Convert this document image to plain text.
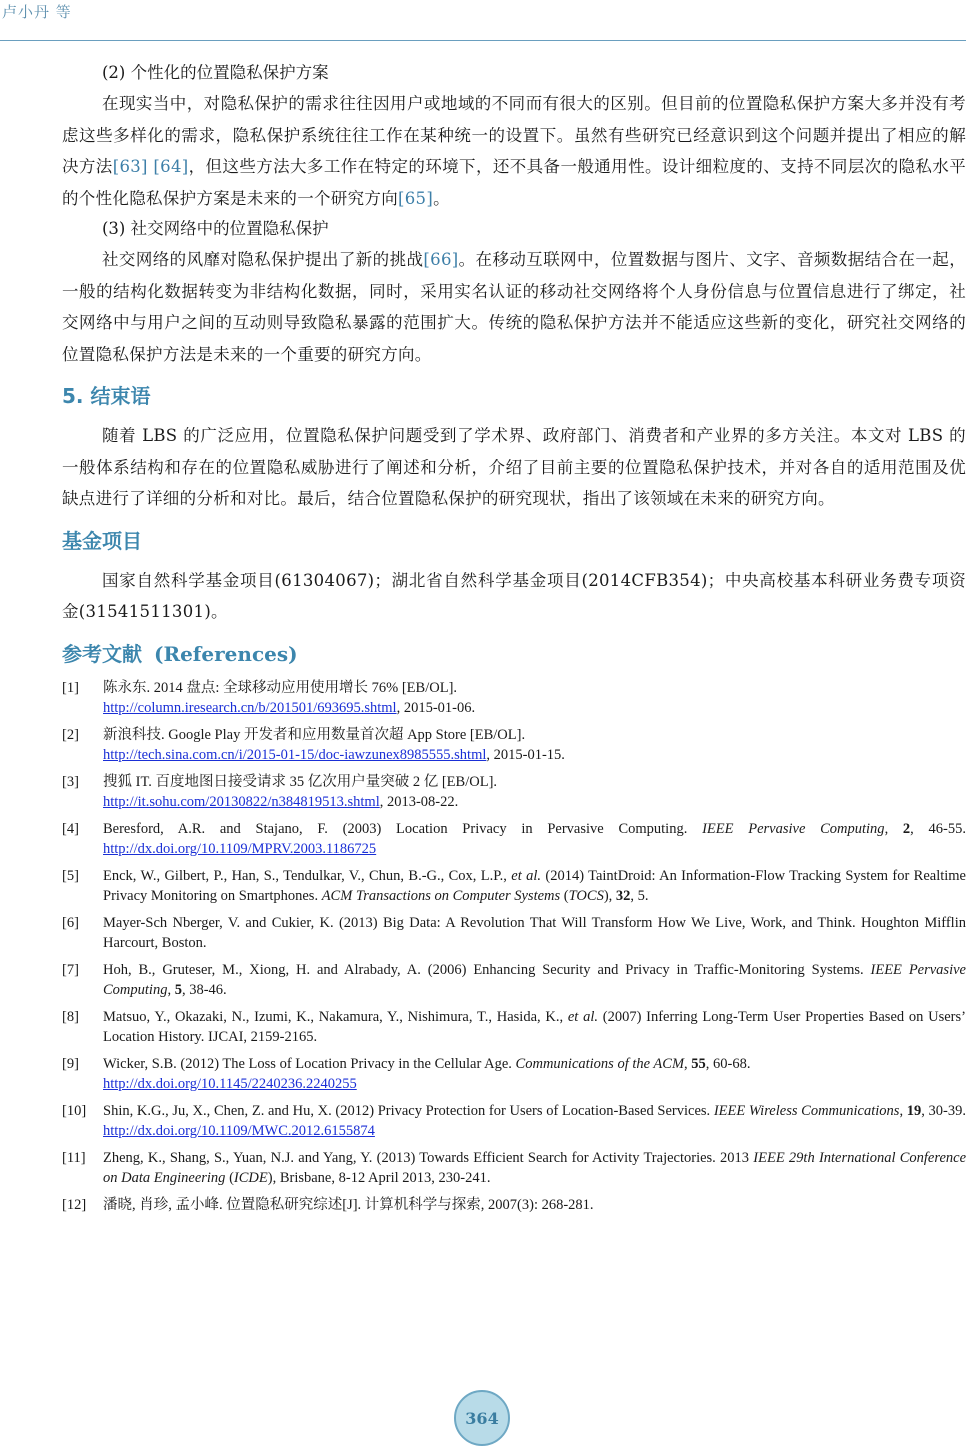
卢小丹 等

(2) 个性化的位置隐私保护方案

在现实当中，对隐私保护的需求往往因用户或地域的不同而有很大的区别。但目前的位置隐私保护方案大多并没有考虑这些多样化的需求，隐私保护系统往往工作在某种统一的设置下。虽然有些研究已经意识到这个问题并提出了相应的解决方法[63] [64]，但这些方法大多工作在特定的环境下，还不具备一般通用性。设计细粒度的、支持不同层次的隐私水平的个性化隐私保护方案是未来的一个研究方向[65]。

(3) 社交网络中的位置隐私保护

社交网络的风靡对隐私保护提出了新的挑战[66]。在移动互联网中，位置数据与图片、文字、音频数据结合在一起，一般的结构化数据转变为非结构化数据，同时，采用实名认证的移动社交网络将个人身份信息与位置信息进行了绑定，社交网络中与用户之间的互动则导致隐私暴露的范围扩大。传统的隐私保护方法并不能适应这些新的变化，研究社交网络的位置隐私保护方法是未来的一个重要的研究方向。

5. 结束语

随着 LBS 的广泛应用，位置隐私保护问题受到了学术界、政府部门、消费者和产业界的多方关注。本文对 LBS 的一般体系结构和存在的位置隐私威胁进行了阐述和分析，介绍了目前主要的位置隐私保护技术，并对各自的适用范围及优缺点进行了详细的分析和对比。最后，结合位置隐私保护的研究现状，指出了该领域在未来的研究方向。

基金项目

国家自然科学基金项目(61304067)；湖北省自然科学基金项目(2014CFB354)；中央高校基本科研业务费专项资金(31541511301)。

参考文献 (References)
[1] 陈永东. 2014 盘点: 全球移动应用使用增长 76% [EB/OL].
http://column.iresearch.cn/b/201501/693695.shtml, 2015-01-06.
[2] 新浪科技. Google Play 开发者和应用数量首次超 App Store [EB/OL].
http://tech.sina.com.cn/i/2015-01-15/doc-iawzunex8985555.shtml, 2015-01-15.
[3] 搜狐 IT. 百度地图日接受请求 35 亿次用户量突破 2 亿 [EB/OL].
http://it.sohu.com/20130822/n384819513.shtml, 2013-08-22.
[4] Beresford, A.R. and Stajano, F. (2003) Location Privacy in Pervasive Computing. IEEE Pervasive Computing, 2, 46-55. http://dx.doi.org/10.1109/MPRV.2003.1186725
[5] Enck, W., Gilbert, P., Han, S., Tendulkar, V., Chun, B.-G., Cox, L.P., et al. (2014) TaintDroid: An Information-Flow Tracking System for Realtime Privacy Monitoring on Smartphones. ACM Transactions on Computer Systems (TOCS), 32, 5.
[6] Mayer-Sch Nberger, V. and Cukier, K. (2013) Big Data: A Revolution That Will Transform How We Live, Work, and Think. Houghton Mifflin Harcourt, Boston.
[7] Hoh, B., Gruteser, M., Xiong, H. and Alrabady, A. (2006) Enhancing Security and Privacy in Traffic-Monitoring Systems. IEEE Pervasive Computing, 5, 38-46.
[8] Matsuo, Y., Okazaki, N., Izumi, K., Nakamura, Y., Nishimura, T., Hasida, K., et al. (2007) Inferring Long-Term User Properties Based on Users’ Location History. IJCAI, 2159-2165.
[9] Wicker, S.B. (2012) The Loss of Location Privacy in the Cellular Age. Communications of the ACM, 55, 60-68.
http://dx.doi.org/10.1145/2240236.2240255
[10] Shin, K.G., Ju, X., Chen, Z. and Hu, X. (2012) Privacy Protection for Users of Location-Based Services. IEEE Wireless Communications, 19, 30-39. http://dx.doi.org/10.1109/MWC.2012.6155874
[11] Zheng, K., Shang, S., Yuan, N.J. and Yang, Y. (2013) Towards Efficient Search for Activity Trajectories. 2013 IEEE 29th International Conference on Data Engineering (ICDE), Brisbane, 8-12 April 2013, 230-241.
[12] 潘晓, 肖珍, 孟小峰. 位置隐私研究综述[J]. 计算机科学与探索, 2007(3): 268-281.
364
